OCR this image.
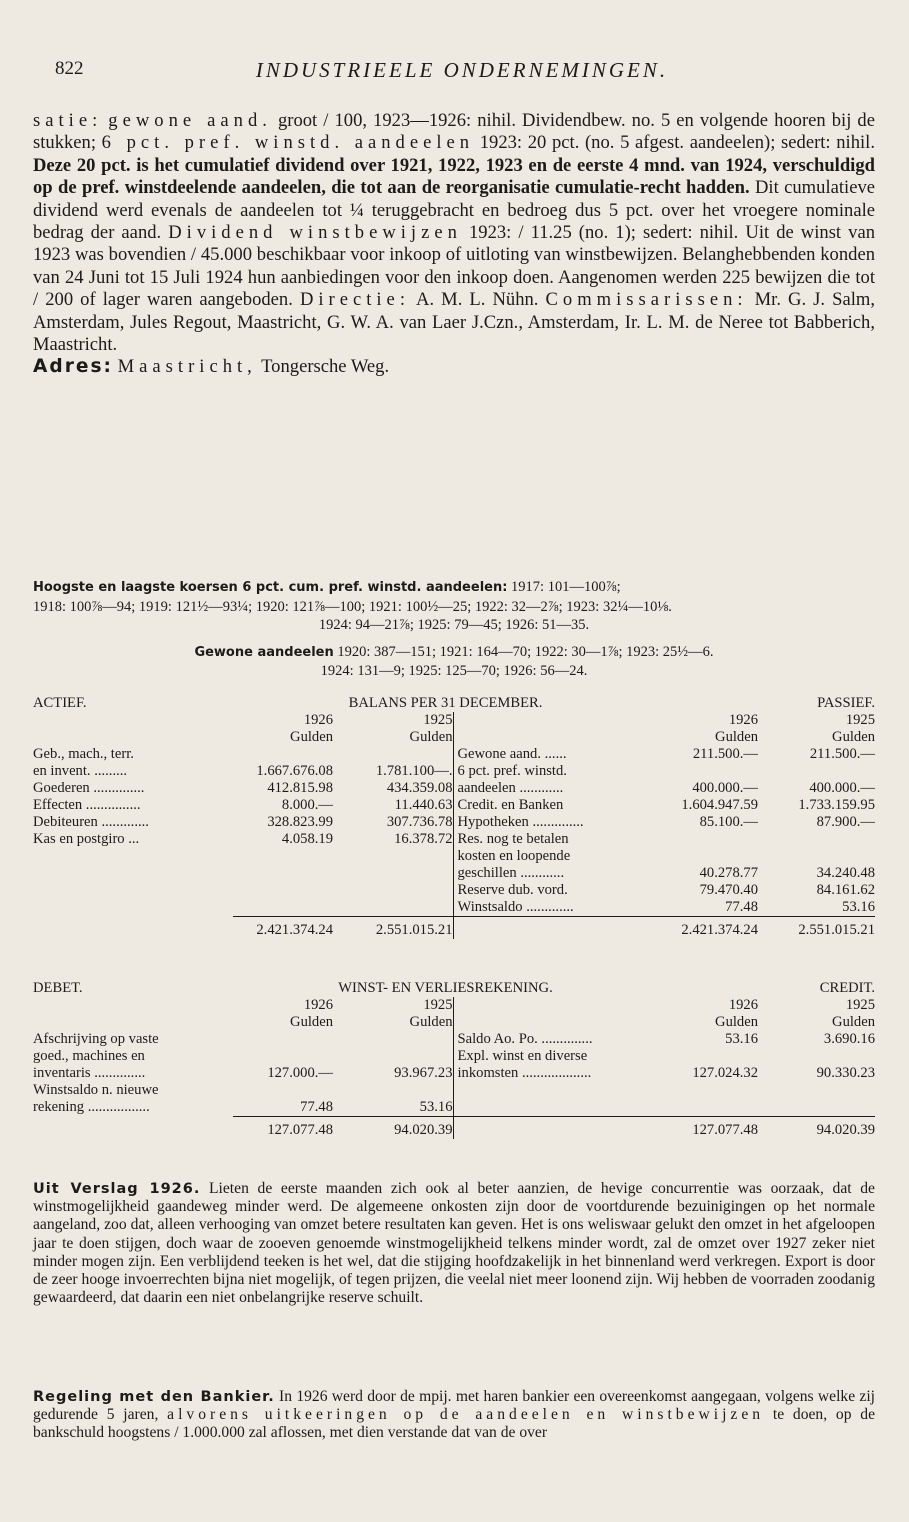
822	INDUSTRIEELE ONDERNEMINGEN.
satie: gewone aand. groot / 100, 1923—1926: nihil. Dividendbew. no. 5 en volgende hooren bij de stukken; 6 pct. pref. winstd. aandeelen 1923: 20 pct. (no. 5 afgest. aandeelen); sedert: nihil. Deze 20 pct. is het cumulatief dividend over 1921, 1922, 1923 en de eerste 4 mnd. van 1924, verschuldigd op de pref. winstdeelende aandeelen, die tot aan de reorganisatie cumulatie-recht hadden. Dit cumulatieve dividend werd evenals de aandeelen tot ¼ teruggebracht en bedroeg dus 5 pct. over het vroegere nominale bedrag der aand. Dividend winstbewijzen 1923: / 11.25 (no. 1); sedert: nihil. Uit de winst van 1923 was bovendien / 45.000 beschikbaar voor inkoop of uitloting van winstbewijzen. Belanghebbenden konden van 24 Juni tot 15 Juli 1924 hun aanbiedingen voor den inkoop doen. Aangenomen werden 225 bewijzen die tot / 200 of lager waren aangeboden. Directie: A. M. L. Nühn. Commissarissen: Mr. G. J. Salm, Amsterdam, Jules Regout, Maastricht, G. W. A. van Laer J.Czn., Amsterdam, Ir. L. M. de Neree tot Babberich, Maastricht.
Adres: Maastricht, Tongersche Weg.
Hoogste en laagste koersen 6 pct. cum. pref. winstd. aandeelen: 1917: 101—100⅞;
1918: 100⅞—94; 1919: 121½—93¼; 1920: 121⅞—100; 1921: 100½—25; 1922: 32—2⅞; 1923: 32¼—10⅛.
1924: 94—21⅞; 1925: 79—45; 1926: 51—35.
Gewone aandeelen 1920: 387—151; 1921: 164—70; 1922: 30—1⅞; 1923: 25½—6.
1924: 131—9; 1925: 125—70; 1926: 56—24.
ACTIEF.	BALANS PER 31 DECEMBER.			PASSIEF.	
	1926	1925		1926	1925
	Gulden	Gulden		Gulden	Gulden
Geb., mach., terr.			Gewone aand. ......	211.500.—	211.500.—
en invent. .........	1.667.676.08	1.781.100—.	6 pct. pref. winstd.		
Goederen ..............	412.815.98	434.359.08	aandeelen ............	400.000.—	400.000.—
Effecten ...............	8.000.—	11.440.63	Credit. en Banken	1.604.947.59	1.733.159.95
Debiteuren .............	328.823.99	307.736.78	Hypotheken ..............	85.100.—	87.900.—
Kas en postgiro ...	4.058.19	16.378.72	Res. nog te betalen		
			kosten en loopende		
			geschillen ............	40.278.77	34.240.48
			Reserve dub. vord.	79.470.40	84.161.62
			Winstsaldo .............	77.48	53.16
	2.421.374.24	2.551.015.21		2.421.374.24	2.551.015.21
DEBET.	WINST- EN VERLIESREKENING.			CREDIT.	
	1926	1925		1926	1925
	Gulden	Gulden		Gulden	Gulden
Afschrijving op vaste			Saldo Ao. Po. ..............	53.16	3.690.16
goed., machines en			Expl. winst en diverse		
inventaris ..............	127.000.—	93.967.23	inkomsten ...................	127.024.32	90.330.23
Winstsaldo n. nieuwe					
rekening .................	77.48	53.16			
	127.077.48	94.020.39		127.077.48	94.020.39
Uit Verslag 1926. Lieten de eerste maanden zich ook al beter aanzien, de hevige concurrentie was oorzaak, dat de winstmogelijkheid gaandeweg minder werd. De algemeene onkosten zijn door de voortdurende bezuinigingen op het normale aangeland, zoo dat, alleen verhooging van omzet betere resultaten kan geven. Het is ons weliswaar gelukt den omzet in het afgeloopen jaar te doen stijgen, doch waar de zooeven genoemde winstmogelijkheid telkens minder wordt, zal de omzet over 1927 zeker niet minder mogen zijn. Een verblijdend teeken is het wel, dat die stijging hoofdzakelijk in het binnenland werd verkregen. Export is door de zeer hooge invoerrechten bijna niet mogelijk, of tegen prijzen, die veelal niet meer loonend zijn. Wij hebben de voorraden zoodanig gewaardeerd, dat daarin een niet onbelangrijke reserve schuilt.
Regeling met den Bankier. In 1926 werd door de mpij. met haren bankier een overeenkomst aangegaan, volgens welke zij gedurende 5 jaren, alvorens uitkeeringen op de aandeelen en winstbewijzen te doen, op de bankschuld hoogstens / 1.000.000 zal aflossen, met dien verstande dat van de over
